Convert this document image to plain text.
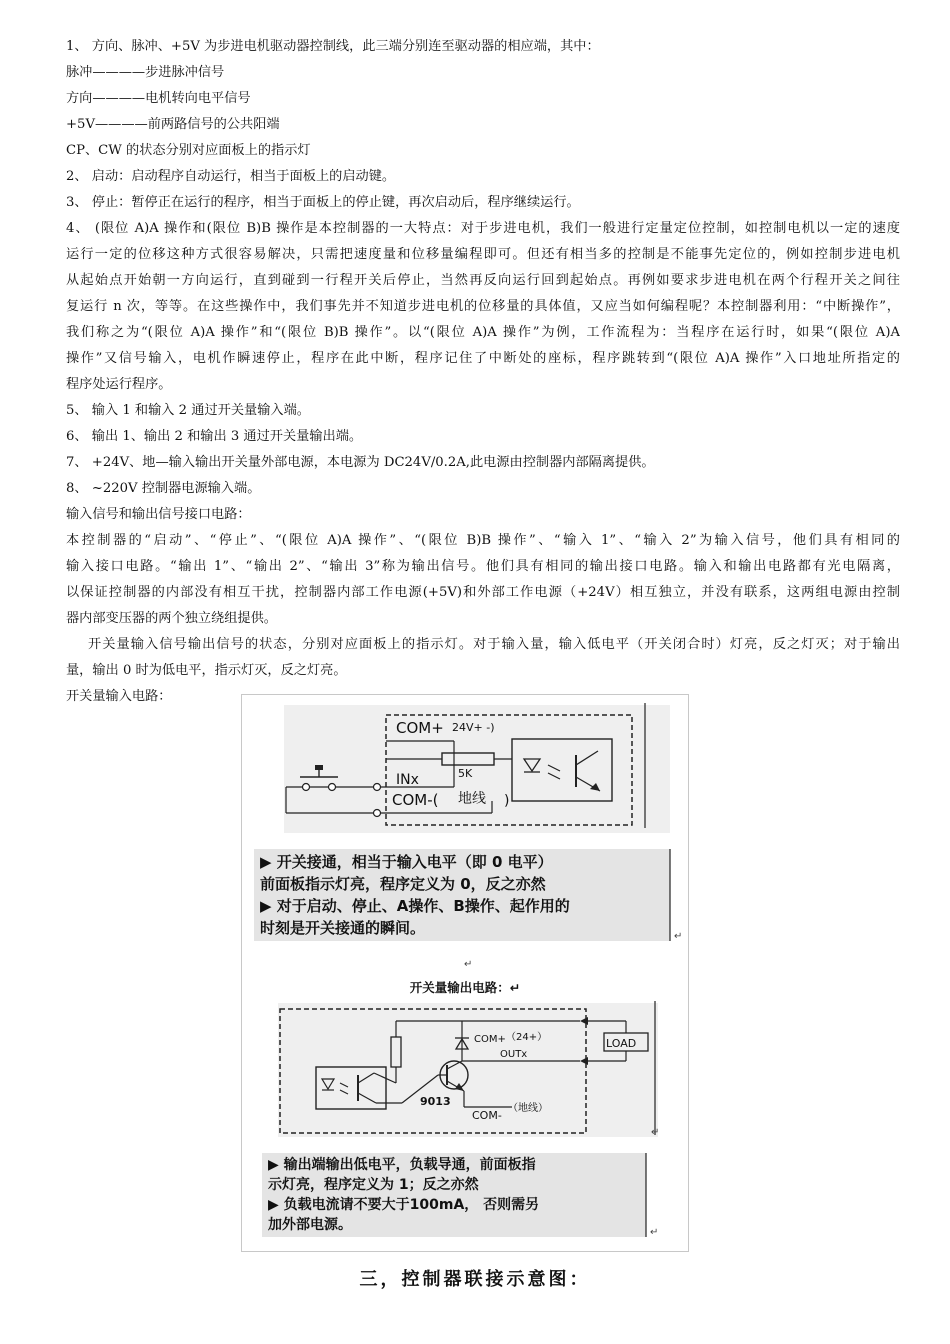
1、 方向、脉冲、+5V 为步进电机驱动器控制线，此三端分别连至驱动器的相应端，其中：
脉冲————步进脉冲信号
方向————电机转向电平信号
+5V————前两路信号的公共阳端
CP、CW 的状态分别对应面板上的指示灯
2、 启动：启动程序自动运行，相当于面板上的启动键。
3、 停止：暂停正在运行的程序，相当于面板上的停止键，再次启动后，程序继续运行。
4、 (限位 A)A 操作和(限位 B)B 操作是本控制器的一大特点：对于步进电机，我们一般进行定量定位控制，如控制电机以一定的速度
运行一定的位移这种方式很容易解决，只需把速度量和位移量编程即可。但还有相当多的控制是不能事先定位的，例如控制步进电机
从起始点开始朝一方向运行，直到碰到一行程开关后停止，当然再反向运行回到起始点。再例如要求步进电机在两个行程开关之间往
复运行 n 次，等等。在这些操作中，我们事先并不知道步进电机的位移量的具体值，又应当如何编程呢？本控制器利用：“中断操作”，
我们称之为“(限位 A)A 操作”和“(限位 B)B 操作”。以“(限位 A)A 操作”为例，工作流程为：当程序在运行时，如果“(限位 A)A
操作”又信号输入，电机作瞬速停止，程序在此中断，程序记住了中断处的座标，程序跳转到“(限位 A)A 操作”入口地址所指定的
程序处运行程序。
5、 输入 1 和输入 2 通过开关量输入端。
6、 输出 1、输出 2 和输出 3 通过开关量输出端。
7、 +24V、地—输入输出开关量外部电源，本电源为 DC24V/0.2A,此电源由控制器内部隔离提供。
8、 ~220V 控制器电源输入端。
输入信号和输出信号接口电路：
本控制器的“启动”、“停止”、“(限位 A)A 操作”、“(限位 B)B 操作”、“输入 1”、“输入 2”为输入信号，他们具有相同的
输入接口电路。“输出 1”、“输出 2”、“输出 3”称为输出信号。他们具有相同的输出接口电路。输入和输出电路都有光电隔离，
以保证控制器的内部没有相互干扰，控制器内部工作电源(+5V)和外部工作电源（+24V）相互独立，并没有联系，这两组电源由控制
器内部变压器的两个独立绕组提供。
开关量输入信号输出信号的状态，分别对应面板上的指示灯。对于输入量，输入低电平（开关闭合时）灯亮，反之灯灭；对于输出
量，输出 0 时为低电平，指示灯灭，反之灯亮。
开关量输入电路：
↵
↵
↵
↵
COM+ 24V+ -)
5K
INx
COM-( 地线 )
COM+ （24+）
OUTx
LOAD
9013
COM-
（地线）
▶ 开关接通，相当于输入电平（即 0 电平）
前面板指示灯亮，程序定义为 0，反之亦然
▶ 对于启动、停止、A操作、B操作、起作用的
时刻是开关接通的瞬间。
开关量输出电路：↵
▶ 输出端输出低电平，负载导通，前面板指
示灯亮，程序定义为 1；反之亦然
▶ 负载电流请不要大于100mA， 否则需另
加外部电源。
三，控制器联接示意图：
